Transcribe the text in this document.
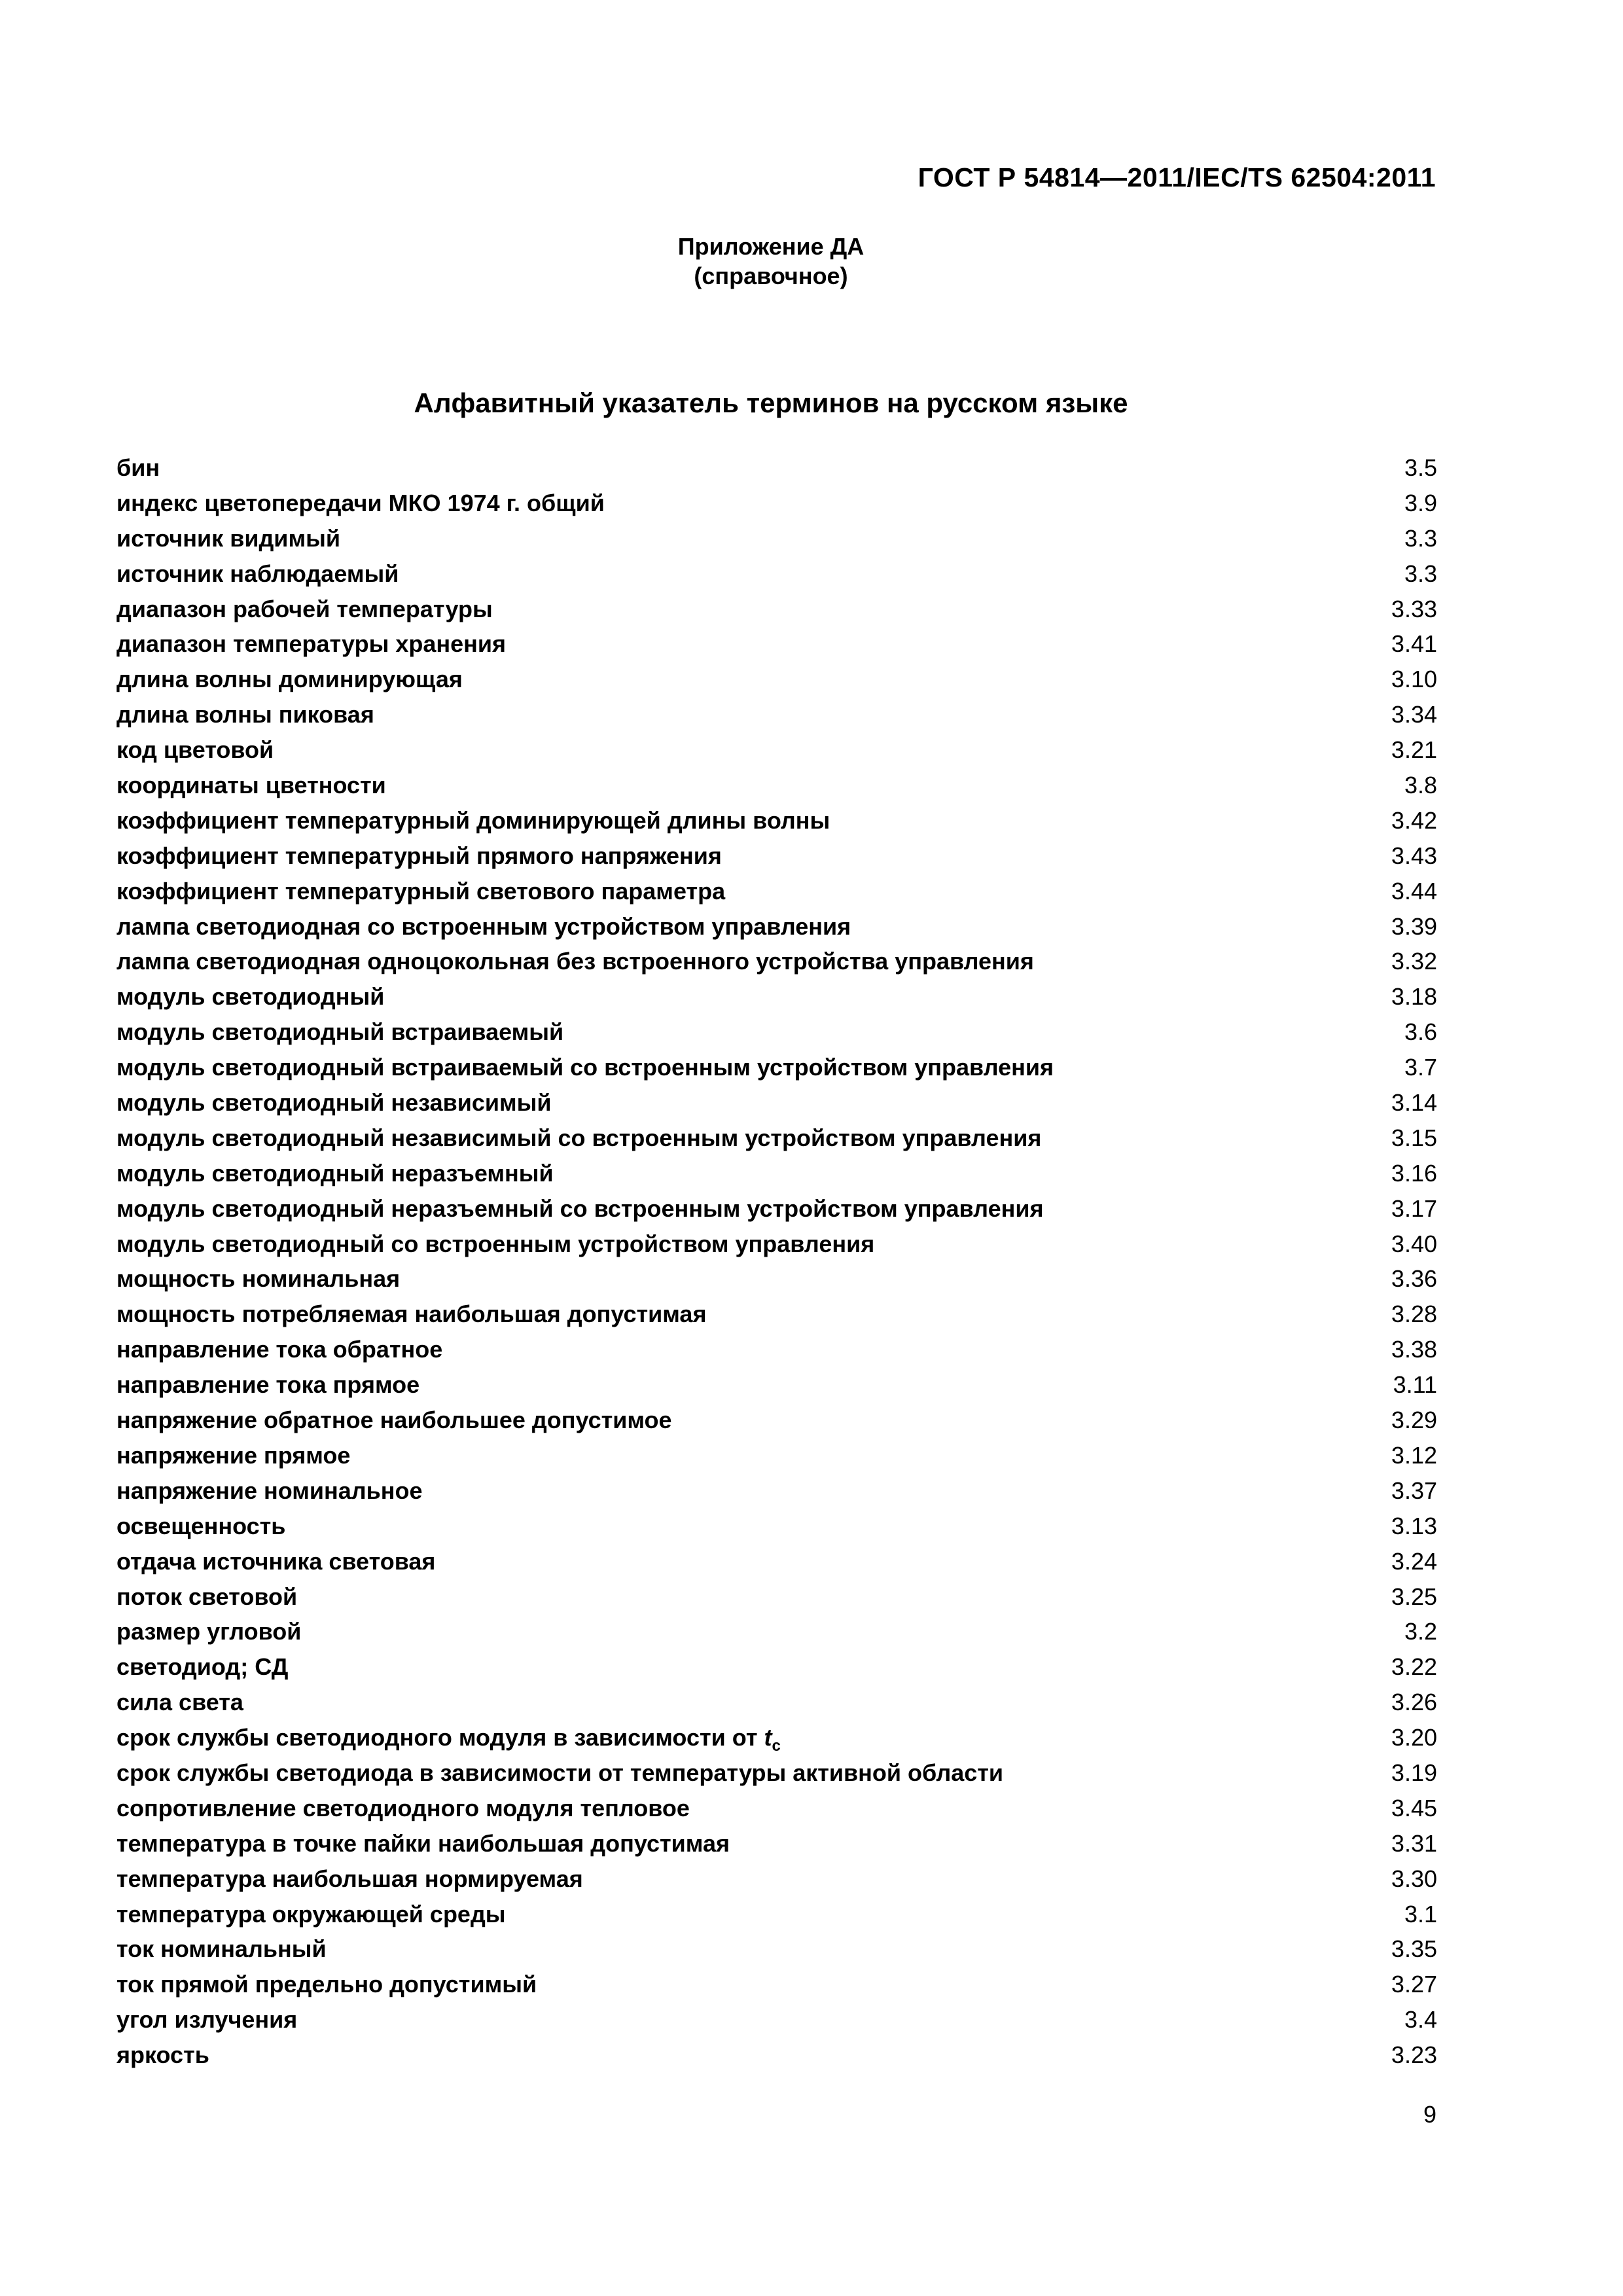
ГОСТ Р 54814—2011/IEC/TS 62504:2011
Приложение ДА
(справочное)
Алфавитный указатель терминов на русском языке
бин	3.5
индекс цветопередачи МКО 1974 г. общий	3.9
источник видимый	3.3
источник наблюдаемый	3.3
диапазон рабочей температуры	3.33
диапазон температуры хранения	3.41
длина волны доминирующая	3.10
длина волны пиковая	3.34
код цветовой	3.21
координаты цветности	3.8
коэффициент температурный доминирующей длины волны	3.42
коэффициент температурный прямого напряжения	3.43
коэффициент температурный светового параметра	3.44
лампа светодиодная со встроенным устройством управления	3.39
лампа светодиодная одноцокольная без встроенного устройства управления	3.32
модуль светодиодный	3.18
модуль светодиодный встраиваемый	3.6
модуль светодиодный встраиваемый со встроенным устройством управления	3.7
модуль светодиодный независимый	3.14
модуль светодиодный независимый со встроенным устройством управления	3.15
модуль светодиодный неразъемный	3.16
модуль светодиодный неразъемный со встроенным устройством управления	3.17
модуль светодиодный со встроенным устройством управления	3.40
мощность номинальная	3.36
мощность потребляемая наибольшая допустимая	3.28
направление тока обратное	3.38
направление тока прямое	3.11
напряжение обратное наибольшее допустимое	3.29
напряжение прямое	3.12
напряжение номинальное	3.37
освещенность	3.13
отдача источника световая	3.24
поток световой	3.25
размер угловой	3.2
светодиод; СД	3.22
сила света	3.26
срок службы светодиодного модуля в зависимости от $t_c$	3.20
срок службы светодиода в зависимости от температуры активной области	3.19
сопротивление светодиодного модуля тепловое	3.45
температура в точке пайки наибольшая допустимая	3.31
температура наибольшая нормируемая	3.30
температура окружающей среды	3.1
ток номинальный	3.35
ток прямой предельно допустимый	3.27
угол излучения	3.4
яркость	3.23
9
